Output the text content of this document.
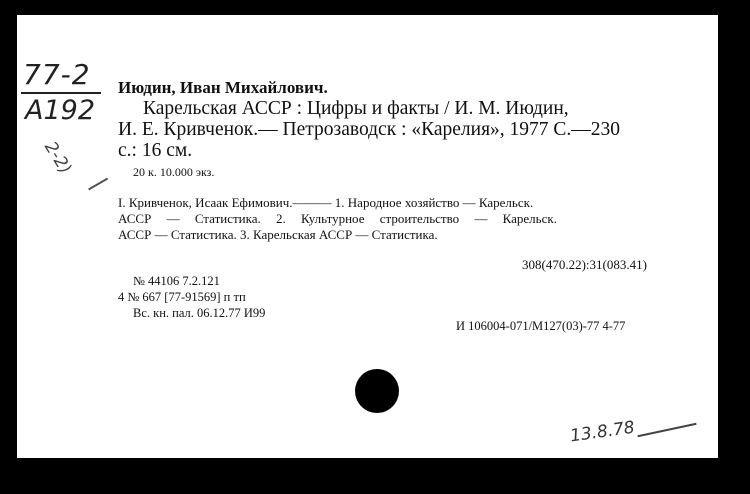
77-2
A192
2-2)
Июдин, Иван Михайлович.
Карельская АССР : Цифры и факты / И. М. Июдин,
И. Е. Кривченок.— Петрозаводск : «Карелия», 1977 С.—230
с.: 16 см.
20 к. 10.000 экз.
I. Кривченок, Исаак Ефимович.——— 1. Народное хозяйство — Карельск.
АССР — Статистика. 2. Культурное строительство — Карельск.
АССР — Статистика. 3. Карельская АССР — Статистика.
308(470.22):31(083.41)
№ 44106 7.2.121
4 № 667 [77-91569] п тп
Вс. кн. пал. 06.12.77 И99
И 106004-071/М127(03)-77 4-77
13.8.78
